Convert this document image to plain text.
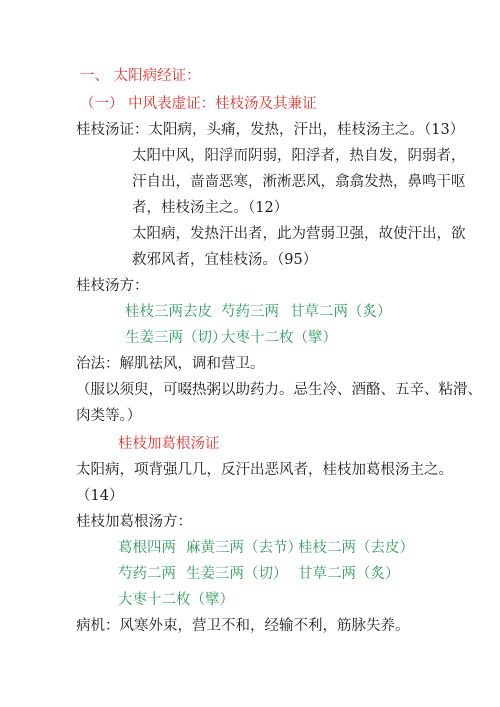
一、 太阳病经证：
（一） 中风表虚证：桂枝汤及其兼证
桂枝汤证：太阳病，头痛，发热，汗出，桂枝汤主之。（13）
太阳中风，阳浮而阴弱，阳浮者，热自发，阴弱者，
汗自出，啬啬恶寒，淅淅恶风，翕翕发热，鼻鸣干呕
者，桂枝汤主之。（12）
太阳病，发热汗出者，此为营弱卫强，故使汗出，欲
救邪风者，宜桂枝汤。（95）
桂枝汤方：
桂枝三两去皮 芍药三两 甘草二两（炙）
生姜三两（切）
大枣十二枚（擘）
治法：解肌祛风，调和营卫。
（服以须臾，可啜热粥以助药力。忌生冷、酒酪、五辛、粘滑、
肉类等。）
桂枝加葛根汤证
太阳病，项背强几几，反汗出恶风者，桂枝加葛根汤主之。
（14）
桂枝加葛根汤方：
葛根四两 麻黄三两（去节）
桂枝二两（去皮）
芍药二两 生姜三两（切） 甘草二两（炙）
大枣十二枚（擘）
病机：风寒外束，营卫不和，经输不利，筋脉失养。
